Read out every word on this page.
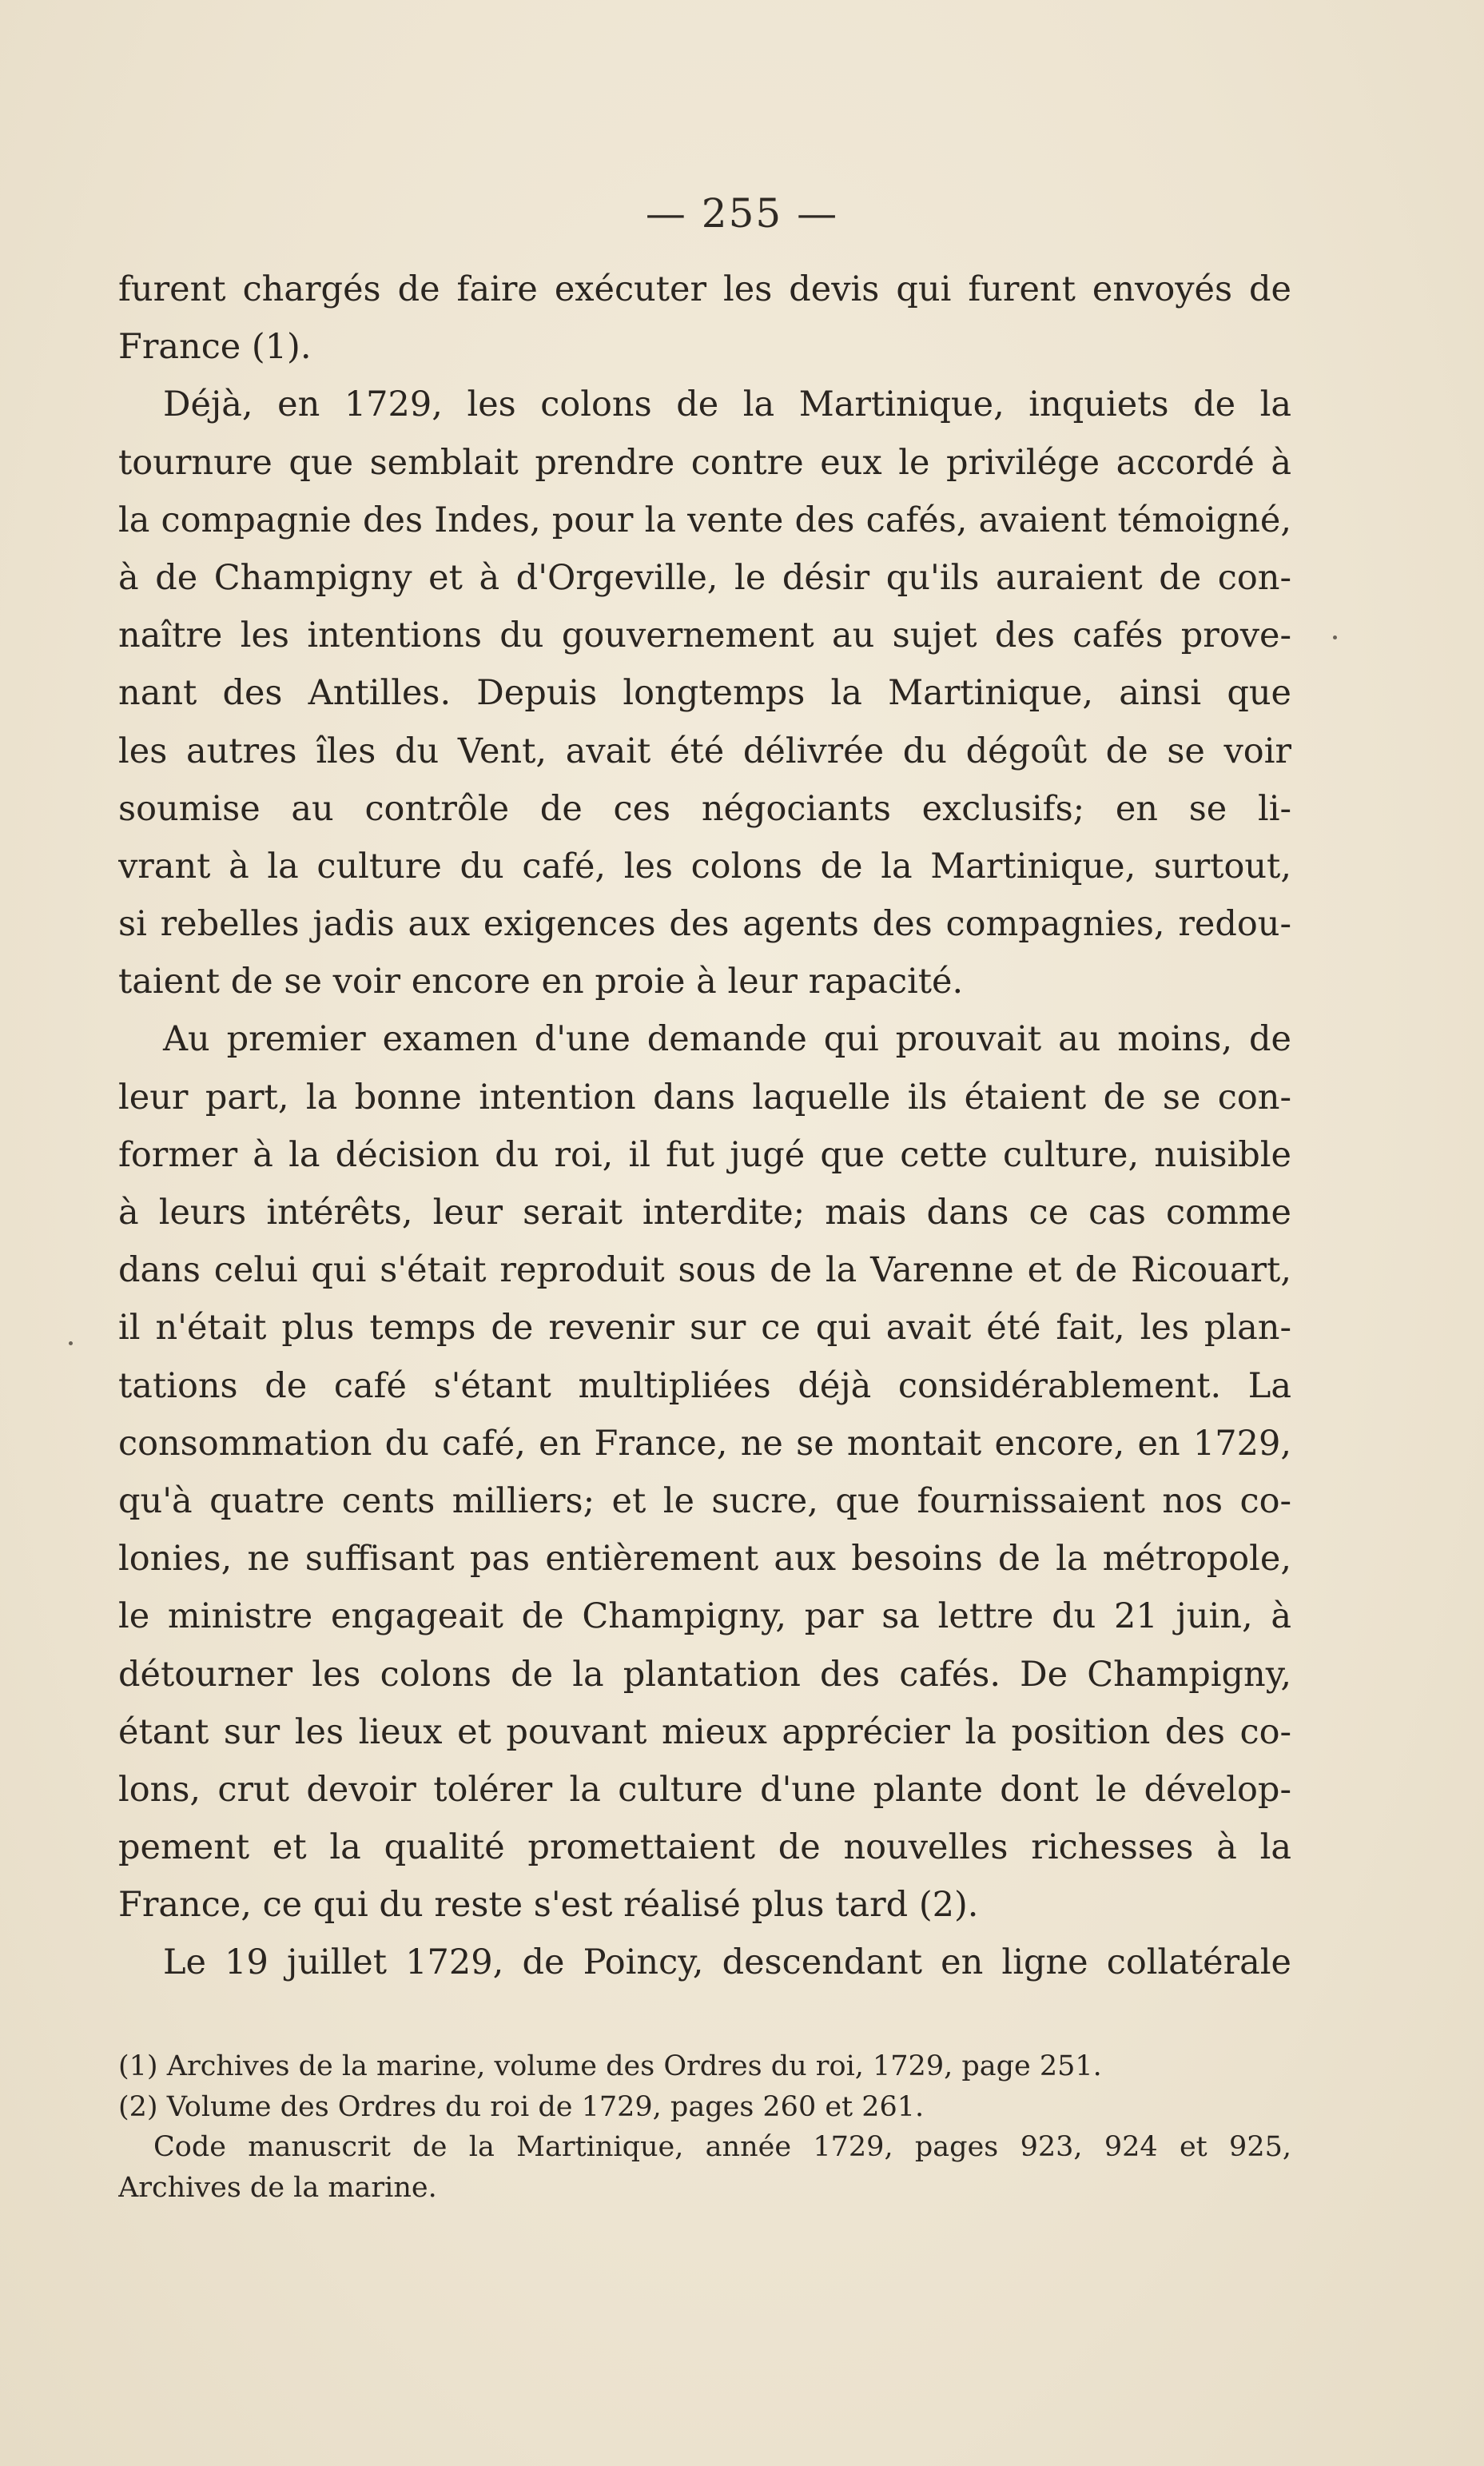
— 255 —
furent chargés de faire exécuter les devis qui furent envoyés de
France (1).
Déjà, en 1729, les colons de la Martinique, inquiets de la
tournure que semblait prendre contre eux le privilége accordé à
la compagnie des Indes, pour la vente des cafés, avaient témoigné,
à de Champigny et à d'Orgeville, le désir qu'ils auraient de con-
naître les intentions du gouvernement au sujet des cafés prove-
nant des Antilles. Depuis longtemps la Martinique, ainsi que
les autres îles du Vent, avait été délivrée du dégoût de se voir
soumise au contrôle de ces négociants exclusifs; en se li-
vrant à la culture du café, les colons de la Martinique, surtout,
si rebelles jadis aux exigences des agents des compagnies, redou-
taient de se voir encore en proie à leur rapacité.
Au premier examen d'une demande qui prouvait au moins, de
leur part, la bonne intention dans laquelle ils étaient de se con-
former à la décision du roi, il fut jugé que cette culture, nuisible
à leurs intérêts, leur serait interdite; mais dans ce cas comme
dans celui qui s'était reproduit sous de la Varenne et de Ricouart,
il n'était plus temps de revenir sur ce qui avait été fait, les plan-
tations de café s'étant multipliées déjà considérablement. La
consommation du café, en France, ne se montait encore, en 1729,
qu'à quatre cents milliers; et le sucre, que fournissaient nos co-
lonies, ne suffisant pas entièrement aux besoins de la métropole,
le ministre engageait de Champigny, par sa lettre du 21 juin, à
détourner les colons de la plantation des cafés. De Champigny,
étant sur les lieux et pouvant mieux apprécier la position des co-
lons, crut devoir tolérer la culture d'une plante dont le dévelop-
pement et la qualité promettaient de nouvelles richesses à la
France, ce qui du reste s'est réalisé plus tard (2).
Le 19 juillet 1729, de Poincy, descendant en ligne collatérale
(1) Archives de la marine, volume des Ordres du roi, 1729, page 251.
(2) Volume des Ordres du roi de 1729, pages 260 et 261.
Code manuscrit de la Martinique, année 1729, pages 923, 924 et 925,
Archives de la marine.
